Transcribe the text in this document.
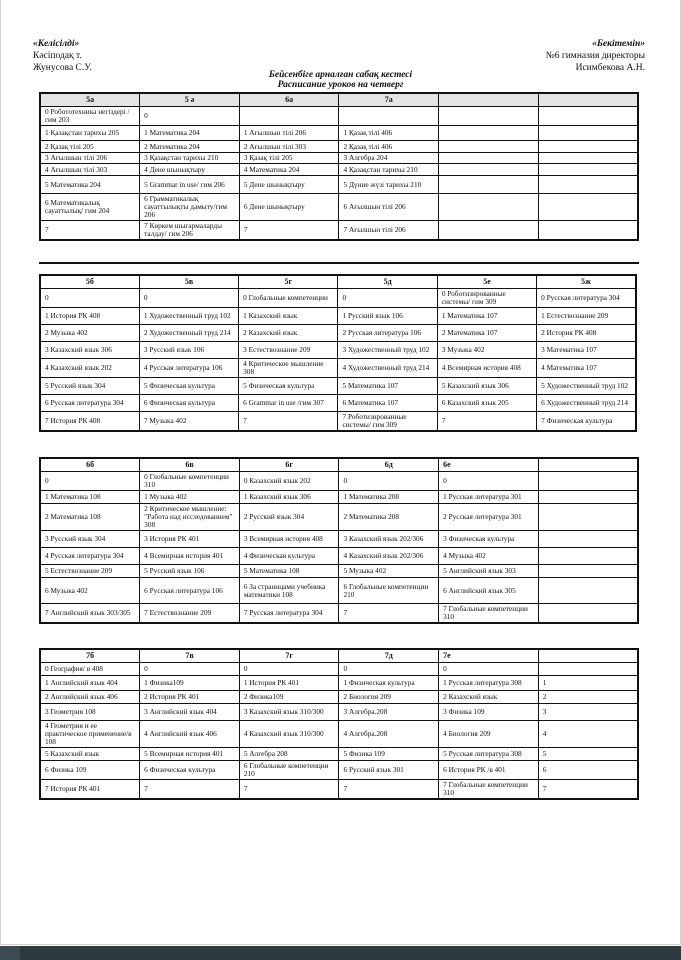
«Келісілді»
Кәсіподақ т.
Жунусова С.У.
«Бекітемін»
№6 гимназия директоры
Исимбекова А.Н.
Бейсенбіге арналған сабақ кестесі
Расписание уроков на четверг
5а	5 ә	6а	7а		
0 Робототехника негіздері /гим 203	0				
1 Қазақстан тарихы 205	1 Математика 204	1 Ағылшын тілі 206	1 Қазақ тілі 406		
2 Қазақ тілі 205	2 Математика 204	2 Ағылшын тілі 303	2 Қазақ тілі 406		
3 Ағылшын тілі 206	3 Қазақстан тарихы 210	3 Қазақ тілі 205	3 Алгебра 204		
4 Ағылшын тілі 303	4 Дене шынықтыру	4 Математика 204	4 Қазақстан тарихы 210		
5 Математика 204	5 Grammar in use/ гим 206	5 Дене шынықтыру	5 Дүние жүзі тарихы 210		
6 Математикалық сауаттылық/ гим 204	6 Грамматикалық сауаттылықты дамыту/гим 206	6 Дене шынықтыру	6 Ағылшын тілі 206		
7	7 Көркем шығармаларды талдау/ гим 206	7	7 Ағылшын тілі 206		
5б	5в	5г	5д	5е	5ж
0	0	0 Глобальные компетенции	0	0 Роботизированные системы/ гим 309	0 Русская литература 304
1 История РК 408	1 Художественный труд 102	1 Казахский язык	1 Русский язык 106	1 Математика 107	1 Естествознание 209
2 Музыка 402	2 Художественный труд 214	2 Казахский язык	2 Русская литература 106	2 Математика 107	2 История РК 408
3 Казахский язык 306	3 Русский язык 106	3 Естествознание 209	3 Художественный труд 102	3 Музыка 402	3 Математика 107
4 Казахский язык 202	4 Русская литература 106	4 Критическое мышление 308	4 Художественный труд 214	4 Всемирная история 408	4 Математика 107
5 Русский язык 304	5 Физическая культура	5 Физическая культура	5 Математика 107	5 Казахский язык 306	5 Художественный труд 102
6 Русская литература 304	6 Физическая культура	6 Grammar in use /гим 307	6 Математика 107	6 Казахский язык 205	6 Художественный труд 214
7 История РК 408	7 Музыка 402	7	7 Роботизированные системы/ гим 309	7	7 Физическая культура
6б	6в	6г	6д	6е	
0	0 Глобальные компетенции 310	0 Казахский язык 202	0	0	
1 Математика 108	1 Музыка 402	1 Казахский язык 306	1 Математика 208	1 Русская литература 301	
2 Математика 108	2 Критическое мышление: "Работа над исследованием" 308	2 Русский язык 304	2 Математика 208	2 Русская литература 301	
3 Русский язык 304	3 История РК 401	3 Всемирная история 408	3 Казахский язык 202/306	3 Физическая культура	
4 Русская литература 304	4 Всемирная история 401	4 Физическая культура	4 Казахский язык 202/306	4 Музыка 402	
5 Естествознание 209	5 Русский язык 106	5 Математика 108	5 Музыка 402	5 Английский язык 303	
6 Музыка 402	6 Русская литература 106	6 За страницами учебника математики 108	6 Глобальные компетенции 210	6 Английский язык 305	
7 Английский язык 303/305	7 Естествознание 209	7 Русская литература 304	7	7 Глобальные компетенции 310	
7б	7в	7г	7д	7е	
0 География/ в 408	0	0	0	0	
1 Английский язык 404	1 Физика109	1 История РК 401	1 Физическая культура	1 Русская литература 308	1
2 Английский язык 406	2 История РК 401	2 Физика109	2 Биология 209	2 Казахский язык	2
3 Геометрия 108	3 Английский язык 404	3 Казахский язык 310/300	3 Алгебра.208	3 Физика 109	3
4 Геометрия и ее практическое применение/в 108	4 Английский язык 406	4 Казахский язык 310/300	4 Алгебра.208	4 Биология 209	4
5 Казахский язык	5 Всемирная история 401	5 Алгебра 208	5 Физика 109	5 Русская литература 308	5
6 Физика 109	6 Физическая культура	6 Глобальные компетенции 210	6 Русский язык 301	6 История РК /в 401	6
7 История РК 401	7	7	7	7 Глобальные компетенции 310	7
